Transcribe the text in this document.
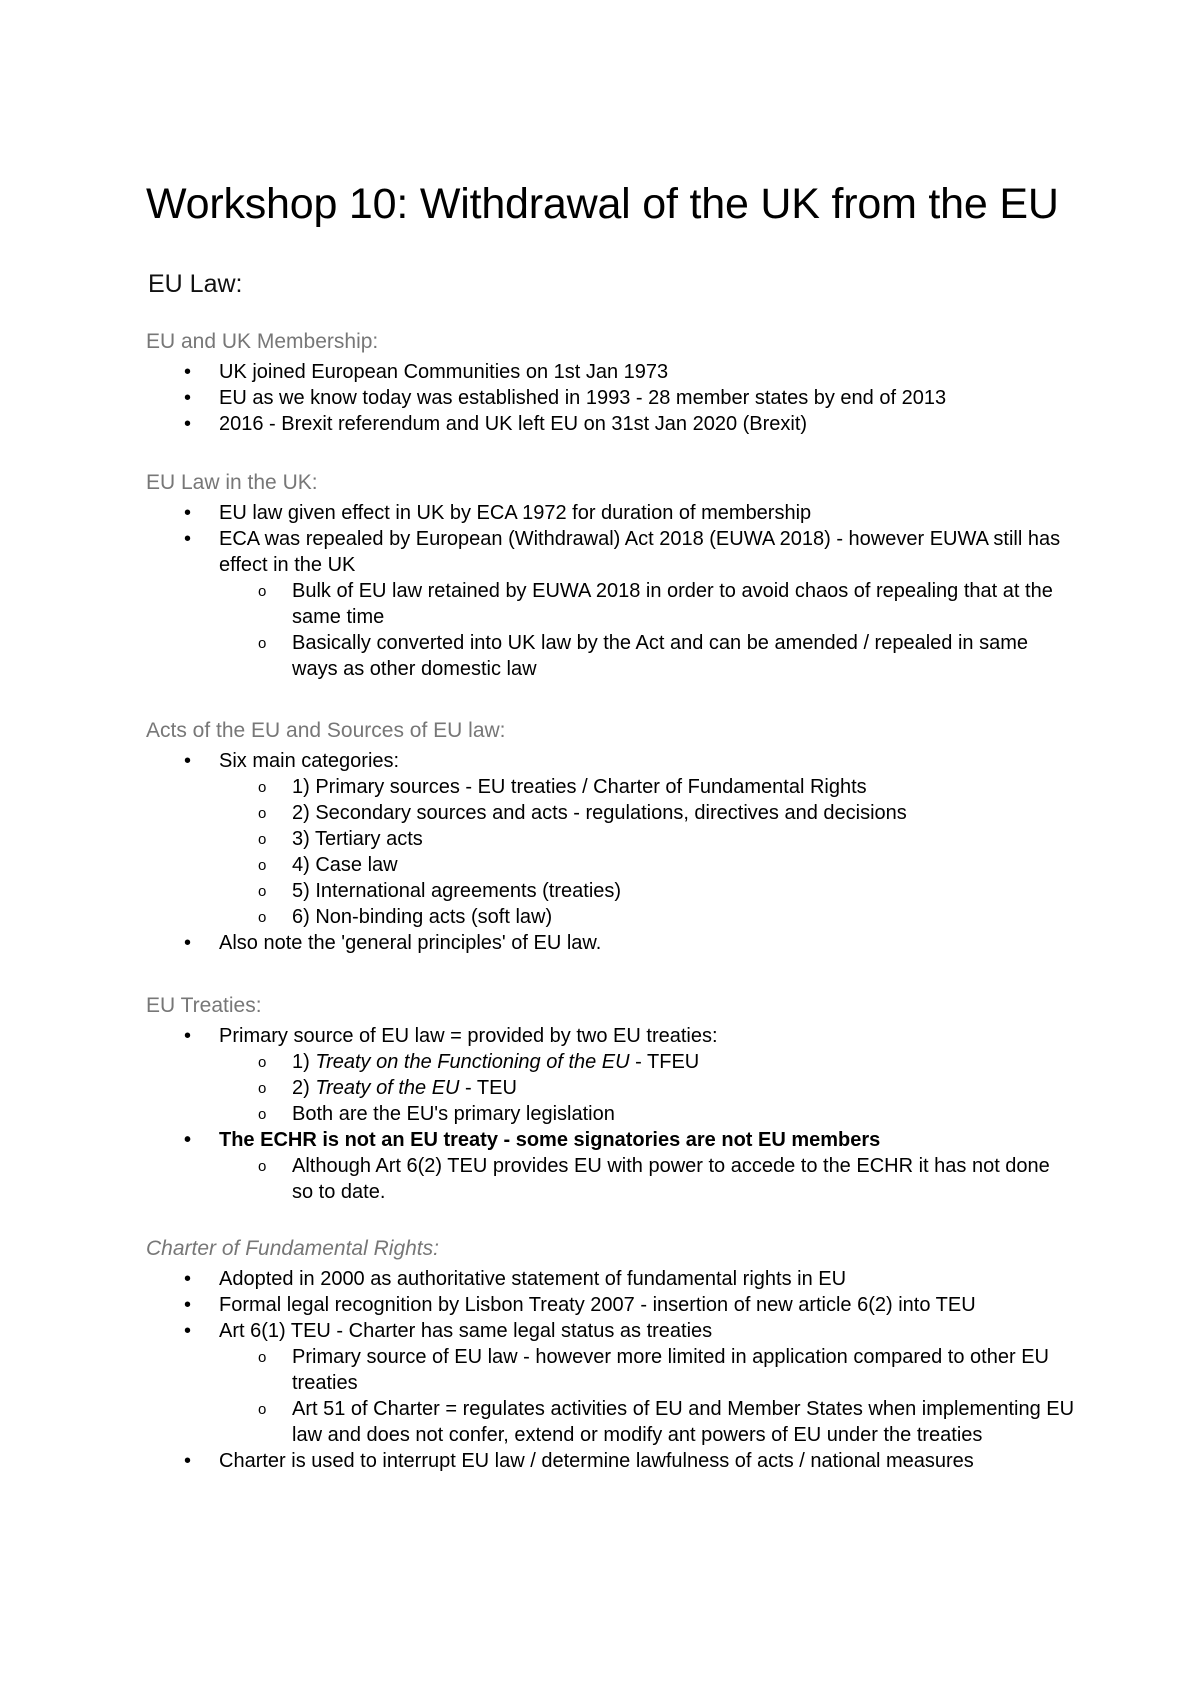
Workshop 10: Withdrawal of the UK from the EU
EU Law:
EU and UK Membership:
• UK joined European Communities on 1st Jan 1973
• EU as we know today was established in 1993 - 28 member states by end of 2013
• 2016 - Brexit referendum and UK left EU on 31st Jan 2020 (Brexit)
EU Law in the UK:
• EU law given effect in UK by ECA 1972 for duration of membership
• ECA was repealed by European (Withdrawal) Act 2018 (EUWA 2018) - however EUWA still has effect in the UK
o Bulk of EU law retained by EUWA 2018 in order to avoid chaos of repealing that at the same time
o Basically converted into UK law by the Act and can be amended / repealed in same ways as other domestic law
Acts of the EU and Sources of EU law:
• Six main categories:
o 1) Primary sources - EU treaties / Charter of Fundamental Rights
o 2) Secondary sources and acts - regulations, directives and decisions
o 3) Tertiary acts
o 4) Case law
o 5) International agreements (treaties)
o 6) Non-binding acts (soft law)
• Also note the 'general principles' of EU law.
EU Treaties:
• Primary source of EU law = provided by two EU treaties:
o 1) Treaty on the Functioning of the EU - TFEU
o 2) Treaty of the EU - TEU
o Both are the EU's primary legislation
• The ECHR is not an EU treaty - some signatories are not EU members
o Although Art 6(2) TEU provides EU with power to accede to the ECHR it has not done so to date.
Charter of Fundamental Rights:
• Adopted in 2000 as authoritative statement of fundamental rights in EU
• Formal legal recognition by Lisbon Treaty 2007 - insertion of new article 6(2) into TEU
• Art 6(1) TEU - Charter has same legal status as treaties
o Primary source of EU law - however more limited in application compared to other EU treaties
o Art 51 of Charter = regulates activities of EU and Member States when implementing EU law and does not confer, extend or modify ant powers of EU under the treaties
• Charter is used to interrupt EU law / determine lawfulness of acts / national measures
